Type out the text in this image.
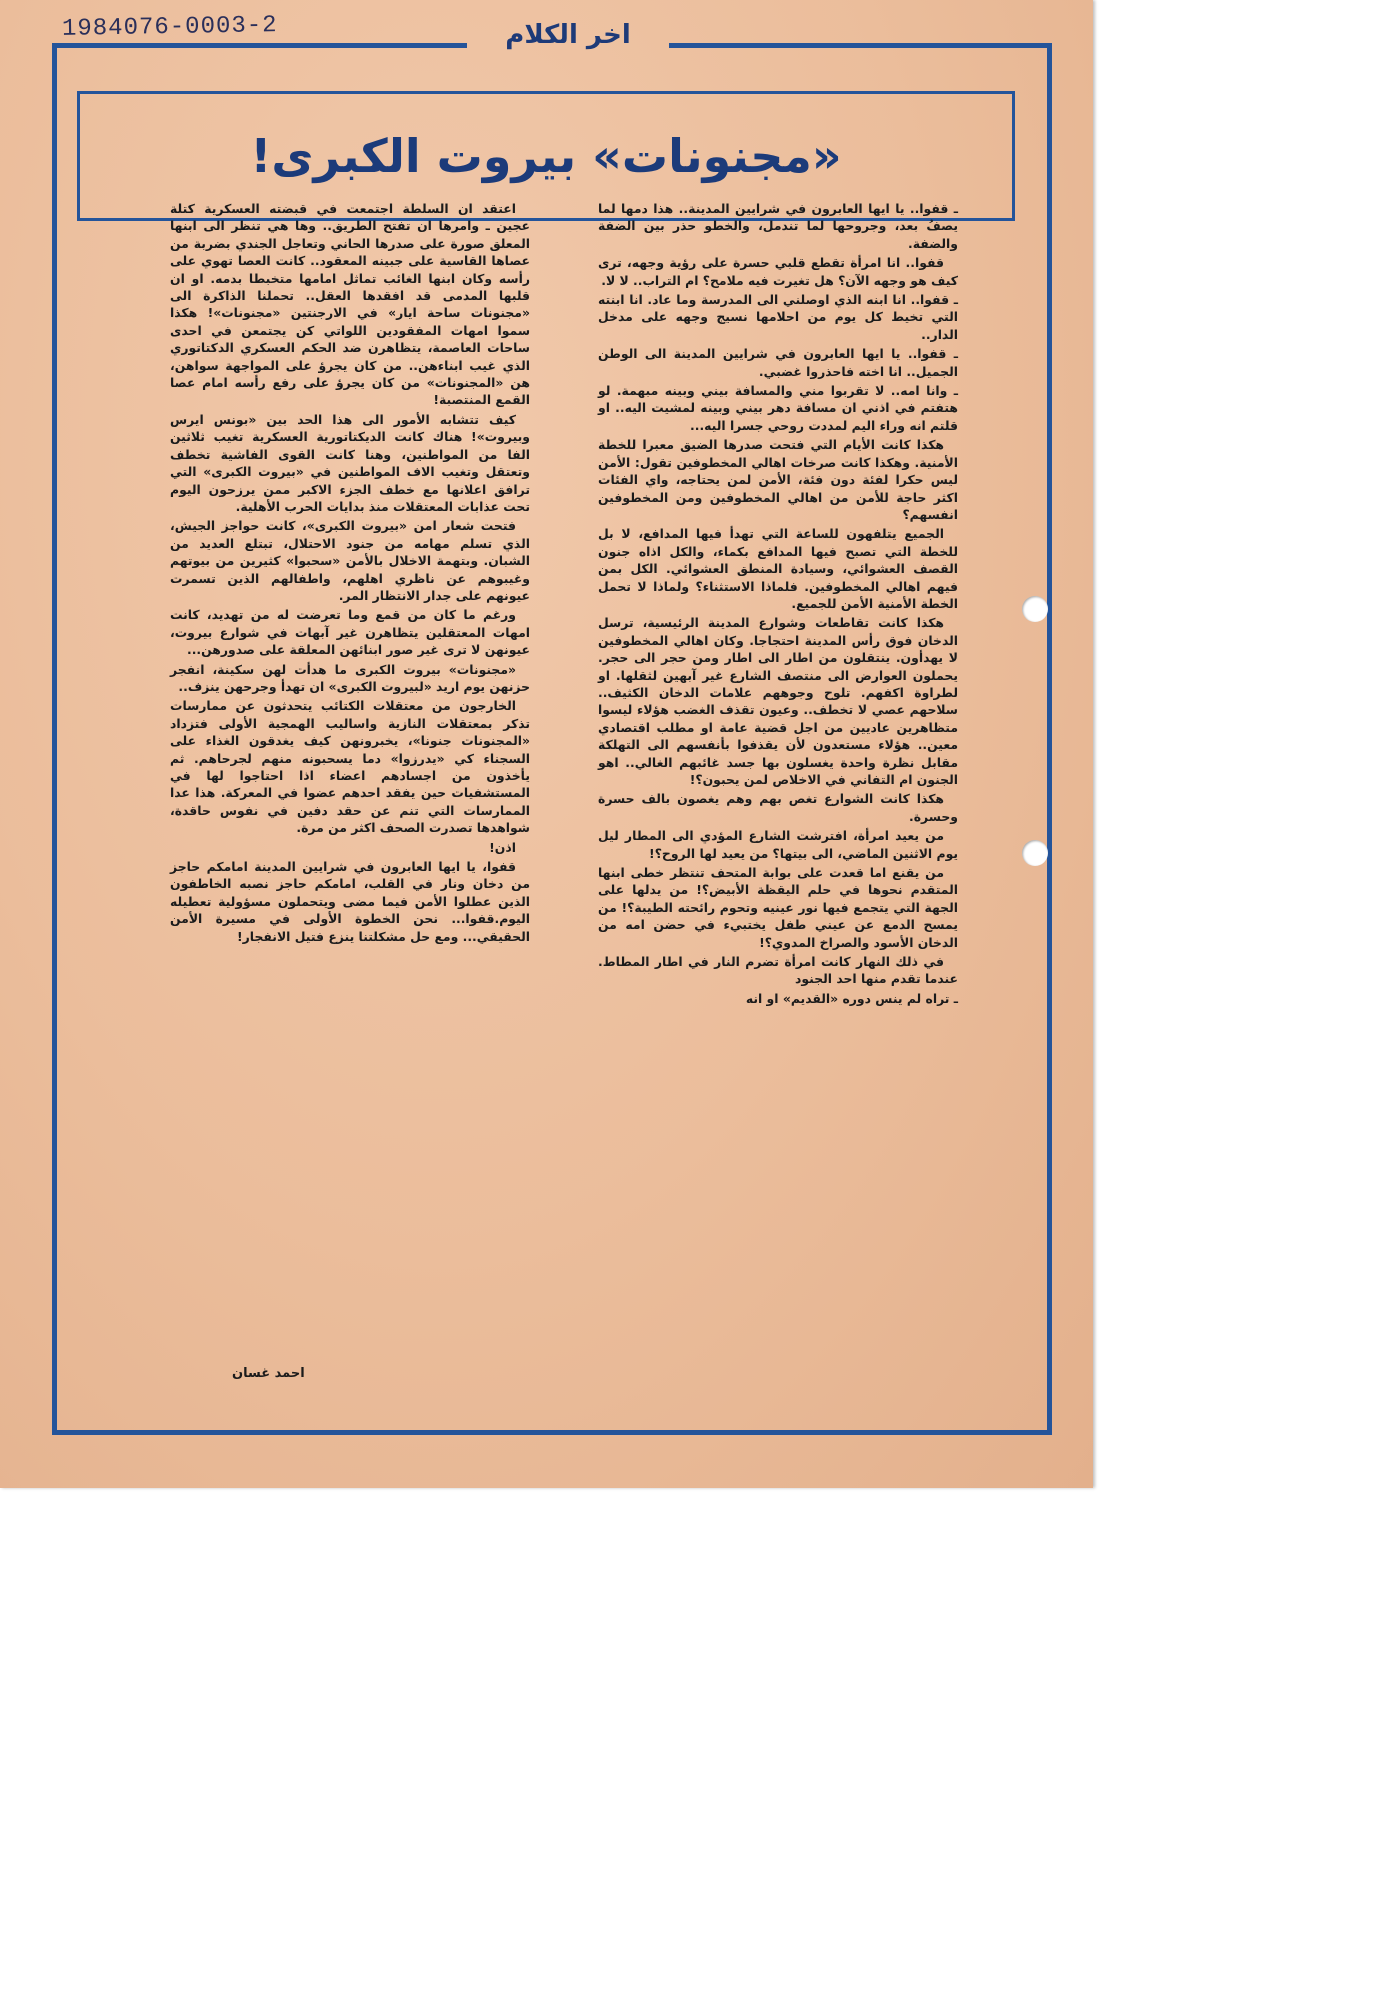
1984076-0003-2	اخر الكلام
«مجنونات» بيروت الكبرى!

ـ قفوا.. يا ايها العابرون في شرايين المدينة.. هذا دمها لما يصفُ بعد، وجروحها لما تندمل، والخطو حذر بين الضفة والضفة.

قفوا.. انا امرأة تقطع قلبي حسرة على رؤية وجهه، ترى كيف هو وجهه الآن؟ هل تغيرت فيه ملامح؟ ام التراب.. لا لا.

ـ قفوا.. انا ابنه الذي اوصلني الى المدرسة وما عاد. انا ابنته التي تخيط كل يوم من احلامها نسيج وجهه على مدخل الدار..

ـ قفوا.. يا ايها العابرون في شرايين المدينة الى الوطن الجميل.. انا اخته فاحذروا غضبي.

ـ وانا امه.. لا تقربوا مني والمسافة بيني وبينه مبهمة. لو هتفتم في اذني ان مسافة دهر بيني وبينه لمشيت اليه.. او قلتم انه وراء اليم لمددت روحي جسرا اليه...

هكذا كانت الأيام التي فتحت صدرها الضيق معبرا للخطة الأمنية. وهكذا كانت صرخات اهالي المخطوفين تقول: الأمن ليس حكرا لفئة دون فئة، الأمن لمن يحتاجه، واي الفئات اكثر حاجة للأمن من اهالي المخطوفين ومن المخطوفين انفسهم؟

الجميع يتلفهون للساعة التي تهدأ فيها المدافع، لا بل للخطة التي تصبح فيها المدافع بكماء، والكل اذاه جنون القصف العشوائي، وسيادة المنطق العشوائي. الكل بمن فيهم اهالي المخطوفين. فلماذا الاستثناء؟ ولماذا لا تحمل الخطة الأمنية الأمن للجميع.

هكذا كانت تقاطعات وشوارع المدينة الرئيسية، ترسل الدخان فوق رأس المدينة احتجاجا. وكان اهالي المخطوفين لا يهدأون. ينتقلون من اطار الى اطار ومن حجر الى حجر. يحملون العوارض الى منتصف الشارع غير آبهين لثقلها. او لطراوة اكفهم. تلوح وجوههم علامات الدخان الكثيف.. سلاحهم عصي لا تخطف.. وعيون تقذف الغضب هؤلاء ليسوا متظاهرين عاديين من اجل قضية عامة او مطلب اقتصادي معين.. هؤلاء مستعدون لأن يقذفوا بأنفسهم الى التهلكة مقابل نظرة واحدة يغسلون بها جسد غائبهم الغالي.. اهو الجنون ام التفاني في الاخلاص لمن يحبون؟!

هكذا كانت الشوارع تغص بهم وهم يغصون بالف حسرة وحسرة.

من يعيد امرأة، افترشت الشارع المؤدي الى المطار ليل يوم الاثنين الماضي، الى بيتها؟ من يعيد لها الروح؟!

من يقنع اما قعدت على بوابة المتحف تنتظر خطى ابنها المتقدم نحوها في حلم اليقظة الأبيض؟! من يدلها على الجهة التي يتجمع فيها نور عينيه وتحوم رائحته الطيبة؟! من يمسح الدمع عن عيني طفل يختبيء في حضن امه من الدخان الأسود والصراخ المدوي؟!

في ذلك النهار كانت امرأة تضرم النار في اطار المطاط. عندما تقدم منها احد الجنود

ـ تراه لم ينس دوره «القديم» او انه

اعتقد ان السلطة اجتمعت في قبضته العسكرية كتلة عجين ـ وامرها ان تفتح الطريق.. وها هي تنظر الى ابنها المعلق صورة على صدرها الحاني وتعاجل الجندي بضربة من عصاها القاسية على جبينه المعقود.. كانت العصا تهوي على رأسه وكان ابنها الغائب تماثل امامها متخبطا بدمه. او ان قلبها المدمى قد افقدها العقل.. تحملنا الذاكرة الى «مجنونات ساحة ايار» في الارجنتين «مجنونات»! هكذا سموا امهات المفقودين اللواتي كن يجتمعن في احدى ساحات العاصمة، يتظاهرن ضد الحكم العسكري الدكتاتوري الذي غيب ابناءهن.. من كان يجرؤ على المواجهة سواهن، هن «المجنونات» من كان يجرؤ على رفع رأسه امام عصا القمع المنتصبة!

كيف تتشابه الأمور الى هذا الحد بين «بونس ايرس وبيروت»! هناك كانت الديكتاتورية العسكرية تغيب ثلاثين الفا من المواطنين، وهنا كانت القوى الفاشية تخطف وتعتقل وتغيب الاف المواطنين في «بيروت الكبرى» التي ترافق اعلانها مع خطف الجزء الاكبر ممن يرزحون اليوم تحت عذابات المعتقلات منذ بدايات الحرب الأهلية.

فتحت شعار امن «بيروت الكبرى»، كانت حواجز الجيش، الذي تسلم مهامه من جنود الاحتلال، تبتلع العديد من الشبان. وبتهمة الاخلال بالأمن «سحبوا» كثيرين من بيوتهم وغيبوهم عن ناظري اهلهم، واطفالهم الذين تسمرت عيونهم على جدار الانتظار المر.

ورغم ما كان من قمع وما تعرضت له من تهديد، كانت امهات المعتقلين يتظاهرن غير آبهات في شوارع بيروت، عيونهن لا ترى غير صور ابنائهن المعلقة على صدورهن...

«مجنونات» بيروت الكبرى ما هدأت لهن سكينة، انفجر حزنهن يوم اريد «لبيروت الكبرى» ان تهدأ وجرحهن ينزف..

الخارجون من معتقلات الكتائب يتحدثون عن ممارسات تذكر بمعتقلات النازية واساليب الهمجية الأولى فتزداد «المجنونات جنونا»، يخبرونهن كيف يغدقون الغذاء على السجناء كي «يدرزوا» دما يسحبونه منهم لجرحاهم. ثم يأخذون من اجسادهم اعضاء اذا احتاجوا لها في المستشفيات حين يفقد احدهم عضوا في المعركة. هذا عدا الممارسات التي تنم عن حقد دفين في نفوس حاقدة، شواهدها تصدرت الصحف اكثر من مرة.

اذن!

قفوا، يا ايها العابرون في شرايين المدينة امامكم حاجز من دخان ونار في القلب، امامكم حاجز نصبه الخاطفون الذين عطلوا الأمن فيما مضى ويتحملون مسؤولية تعطيله اليوم.قفوا... نحن الخطوة الأولى في مسيرة الأمن الحقيقي... ومع حل مشكلتنا ينزع فتيل الانفجار!

احمد غسان
